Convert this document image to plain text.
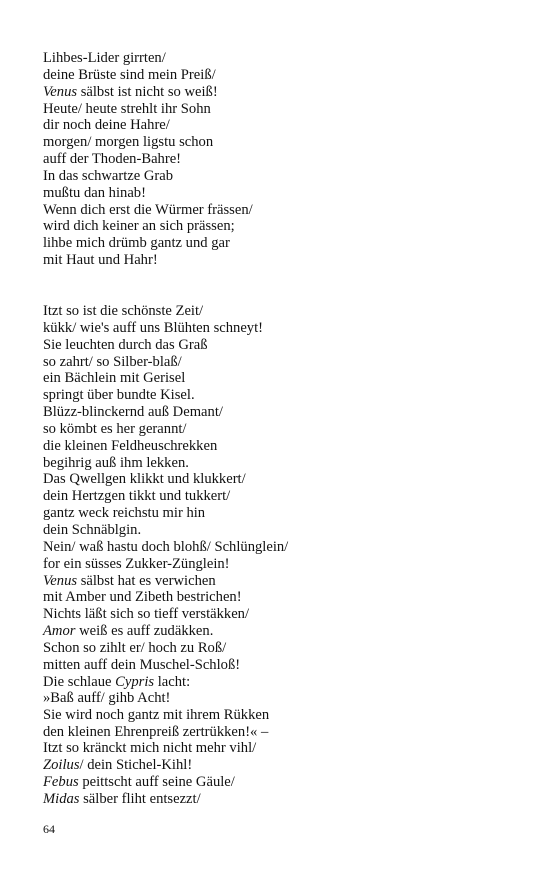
Lihbes-Lider girrten/
deine Brüste sind mein Preiß/
Venus sälbst ist nicht so weiß!
Heute/ heute strehlt ihr Sohn
dir noch deine Hahre/
morgen/ morgen ligstu schon
auff der Thoden-Bahre!
In das schwartze Grab
mußtu dan hinab!
Wenn dich erst die Würmer frässen/
wird dich keiner an sich prässen;
lihbe mich drümb gantz und gar
mit Haut und Hahr!
Itzt so ist die schönste Zeit/
kükk/ wie's auff uns Blühten schneyt!
Sie leuchten durch das Graß
so zahrt/ so Silber-blaß/
ein Bächlein mit Gerisel
springt über bundte Kisel.
Blüzz-blinckernd auß Demant/
so kömbt es her gerannt/
die kleinen Feldheuschrekken
begihrig auß ihm lekken.
Das Qwellgen klikkt und klukkert/
dein Hertzgen tikkt und tukkert/
gantz weck reichstu mir hin
dein Schnäblgin.
Nein/ waß hastu doch blohß/ Schlünglein/
for ein süsses Zukker-Zünglein!
Venus sälbst hat es verwichen
mit Amber und Zibeth bestrichen!
Nichts läßt sich so tieff verstäkken/
Amor weiß es auff zudäkken.
Schon so zihlt er/ hoch zu Roß/
mitten auff dein Muschel-Schloß!
Die schlaue Cypris lacht:
»Baß auff/ gihb Acht!
Sie wird noch gantz mit ihrem Rükken
den kleinen Ehrenpreiß zertrükken!« –
Itzt so kränckt mich nicht mehr vihl/
Zoilus/ dein Stichel-Kihl!
Febus peittscht auff seine Gäule/
Midas sälber fliht entsezzt/
64
